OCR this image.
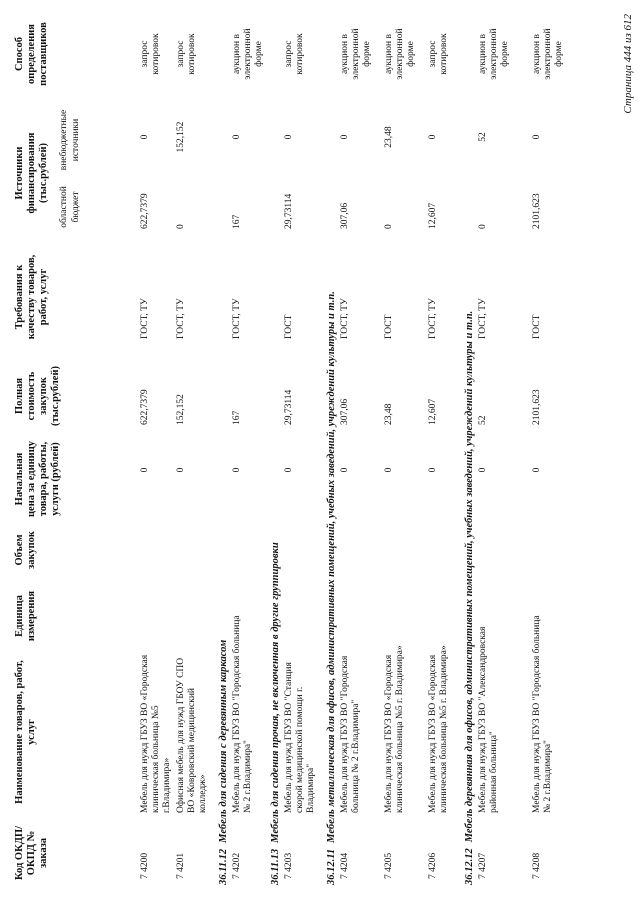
Код ОКДП/ ОКПД № заказа
Наименование товаров, работ, услуг
Единица измерения
Объем закупок
Начальная цена за единицу товара, работы, услуги (рублей)
Полная стоимость закупок (тыс.рублей)
Требования к качеству товаров, работ, услуг
Источники финансирования (тыс.рублей)
областной бюджет
внебюджетные источники
Способ определения поставщиков
7 4200
Мебель для нужд ГБУЗ ВО «Городская клиническая больница №5 г.Владимира»
0
622,7379
ГОСТ, ТУ
622,7379
0
запрос котировок
7 4201
Офисная мебель для нужд ГБОУ СПО ВО «Ковровский медицинский колледж»
0
152,152
ГОСТ, ТУ
0
152,152
запрос котировок
36.11.12Мебель для сидения с деревянным каркасом
7 4202
Мебель для нужд ГБУЗ ВО "Городская больница № 2 г.Владимира"
0
167
ГОСТ, ТУ
167
0
аукцион в электронной форме
36.11.13Мебель для сидения прочая, не включенная в другие группировки
7 4203
Мебель для нужд ГБУЗ ВО "Станция скорой медицинской помощи г. Владимира"
0
29,73114
ГОСТ
29,73114
0
запрос котировок
36.12.11Мебель металлическая для офисов, административных помещений, учебных заведений, учреждений культуры и т.п.
7 4204
Мебель для нужд ГБУЗ ВО "Городская больница № 2 г.Владимира"
0
307,06
ГОСТ, ТУ
307,06
0
аукцион в электронной форме
7 4205
Мебель для нужд ГБУЗ ВО «Городская клиническая больница №5 г. Владимира»
0
23,48
ГОСТ
0
23,48
аукцион в электронной форме
7 4206
Мебель для нужд ГБУЗ ВО «Городская клиническая больница №5 г. Владимира»
0
12,607
ГОСТ, ТУ
12,607
0
запрос котировок
36.12.12Мебель деревянная для офисов, административных помещений, учебных заведений, учреждений культуры и т.п.
7 4207
Мебель для нужд ГБУЗ ВО "Александровская районная больница"
0
52
ГОСТ, ТУ
0
52
аукцион в электронной форме
7 4208
Мебель для нужд ГБУЗ ВО "Городская больница № 2 г.Владимира"
0
2101,623
ГОСТ
2101,623
0
аукцион в электронной форме	Страница 444 из 612
